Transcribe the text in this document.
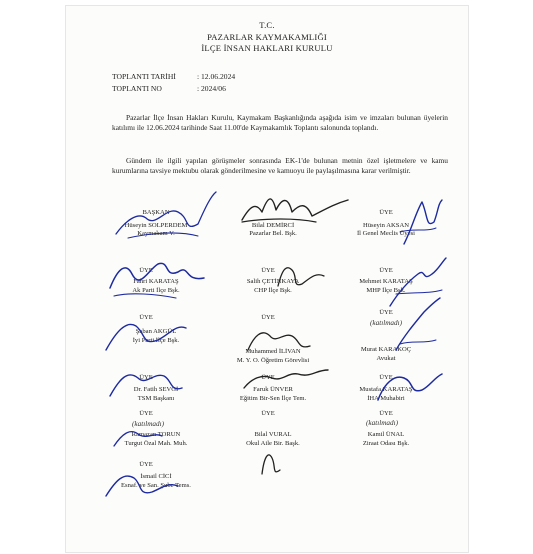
T.C.
PAZARLAR KAYMAKAMLIĞI
İLÇE İNSAN HAKLARI KURULU
TOPLANTI TARİHİ	: 12.06.2024
TOPLANTI NO	: 2024/06
Pazarlar İlçe İnsan Hakları Kurulu, Kaymakam Başkanlığında aşağıda isim ve imzaları bulunan üyelerin katılımı ile 12.06.2024 tarihinde Saat 11.00'de Kaymakamlık Toplantı salonunda toplandı.
Gündem ile ilgili yapılan görüşmeler sonrasında EK-1'de bulunan metnin özel işletmelere ve kamu kurumlarına tavsiye mektubu olarak gönderilmesine ve kamuoyu ile paylaşılmasına karar verilmiştir.
BAŞKAN
Hüseyin SOLPERDEM
Kaymakam V.
Bilal DEMİRCİ
Pazarlar Bel. Bşk.
ÜYE
Hüseyin AKSAN
İl Genel Meclis Üyesi
ÜYE
Fahri KARATAŞ
Ak Parti İlçe Bşk.
ÜYE
Salih ÇETİNKAYA
CHP İlçe Bşk.
ÜYE
Mehmet KARATAŞ
MHP İlçe Bşk.
ÜYE
Şaban AKGÜL
İyi Parti İlçe Bşk.
ÜYE
Muhammed İLİVAN
M. Y. O. Öğretim Görevlisi
ÜYE
(katılmadı)
Murat KARAKOÇ
Avukat
ÜYE
Dr. Fatih SEVGİ
TSM Başkanı
ÜYE
Faruk ÜNVER
Eğitim Bir-Sen İlçe Tem.
ÜYE
Mustafa KARATAŞ
İHA Muhabiri
ÜYE
(katılmadı)
Ramazan TORUN
Turgut Özal Mah. Muh.
ÜYE
Bilal VURAL
Okul Aile Bir. Başk.
ÜYE
(katılmadı)
Kamil ÜNAL
Ziraat Odası Bşk.
ÜYE
İsmail CİCİ
Esnaf. ve San. Şube Tems.
